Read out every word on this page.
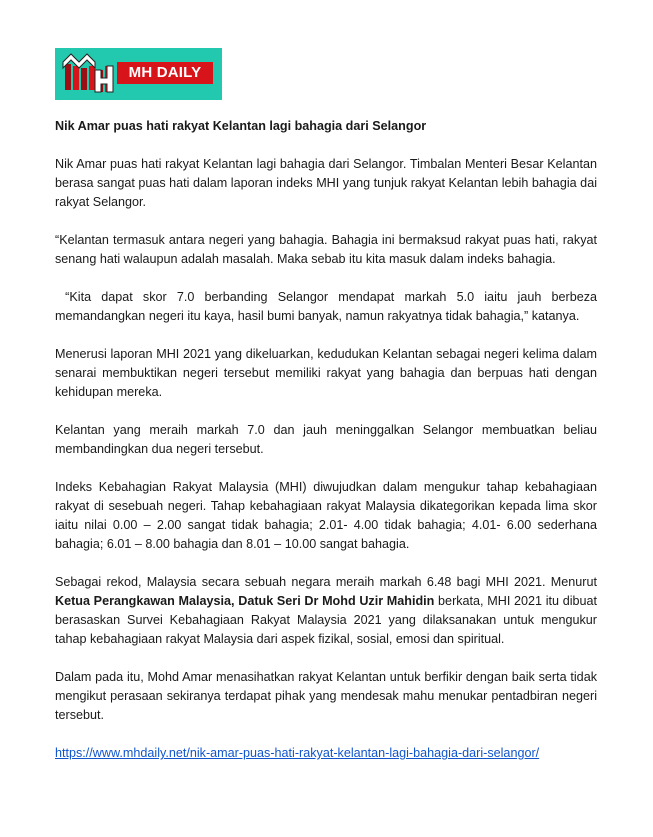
MH DAILY
Nik Amar puas hati rakyat Kelantan lagi bahagia dari Selangor

Nik Amar puas hati rakyat Kelantan lagi bahagia dari Selangor. Timbalan Menteri Besar Kelantan berasa sangat puas hati dalam laporan indeks MHI yang tunjuk rakyat Kelantan lebih bahagia dai rakyat Selangor.

“Kelantan termasuk antara negeri yang bahagia. Bahagia ini bermaksud rakyat puas hati, rakyat senang hati walaupun adalah masalah. Maka sebab itu kita masuk dalam indeks bahagia.

“Kita dapat skor 7.0 berbanding Selangor mendapat markah 5.0 iaitu jauh berbeza memandangkan negeri itu kaya, hasil bumi banyak, namun rakyatnya tidak bahagia,” katanya.

Menerusi laporan MHI 2021 yang dikeluarkan, kedudukan Kelantan sebagai negeri kelima dalam senarai membuktikan negeri tersebut memiliki rakyat yang bahagia dan berpuas hati dengan kehidupan mereka.

Kelantan yang meraih markah 7.0 dan jauh meninggalkan Selangor membuatkan beliau membandingkan dua negeri tersebut.

Indeks Kebahagian Rakyat Malaysia (MHI) diwujudkan dalam mengukur tahap kebahagiaan rakyat di sesebuah negeri. Tahap kebahagiaan rakyat Malaysia dikategorikan kepada lima skor iaitu nilai 0.00 – 2.00 sangat tidak bahagia; 2.01- 4.00 tidak bahagia; 4.01- 6.00 sederhana bahagia; 6.01 – 8.00 bahagia dan 8.01 – 10.00 sangat bahagia.

Sebagai rekod, Malaysia secara sebuah negara meraih markah 6.48 bagi MHI 2021. Menurut Ketua Perangkawan Malaysia, Datuk Seri Dr Mohd Uzir Mahidin berkata, MHI 2021 itu dibuat berasaskan Survei Kebahagiaan Rakyat Malaysia 2021 yang dilaksanakan untuk mengukur tahap kebahagiaan rakyat Malaysia dari aspek fizikal, sosial, emosi dan spiritual.

Dalam pada itu, Mohd Amar menasihatkan rakyat Kelantan untuk berfikir dengan baik serta tidak mengikut perasaan sekiranya terdapat pihak yang mendesak mahu menukar pentadbiran negeri tersebut.

https://www.mhdaily.net/nik-amar-puas-hati-rakyat-kelantan-lagi-bahagia-dari-selangor/
